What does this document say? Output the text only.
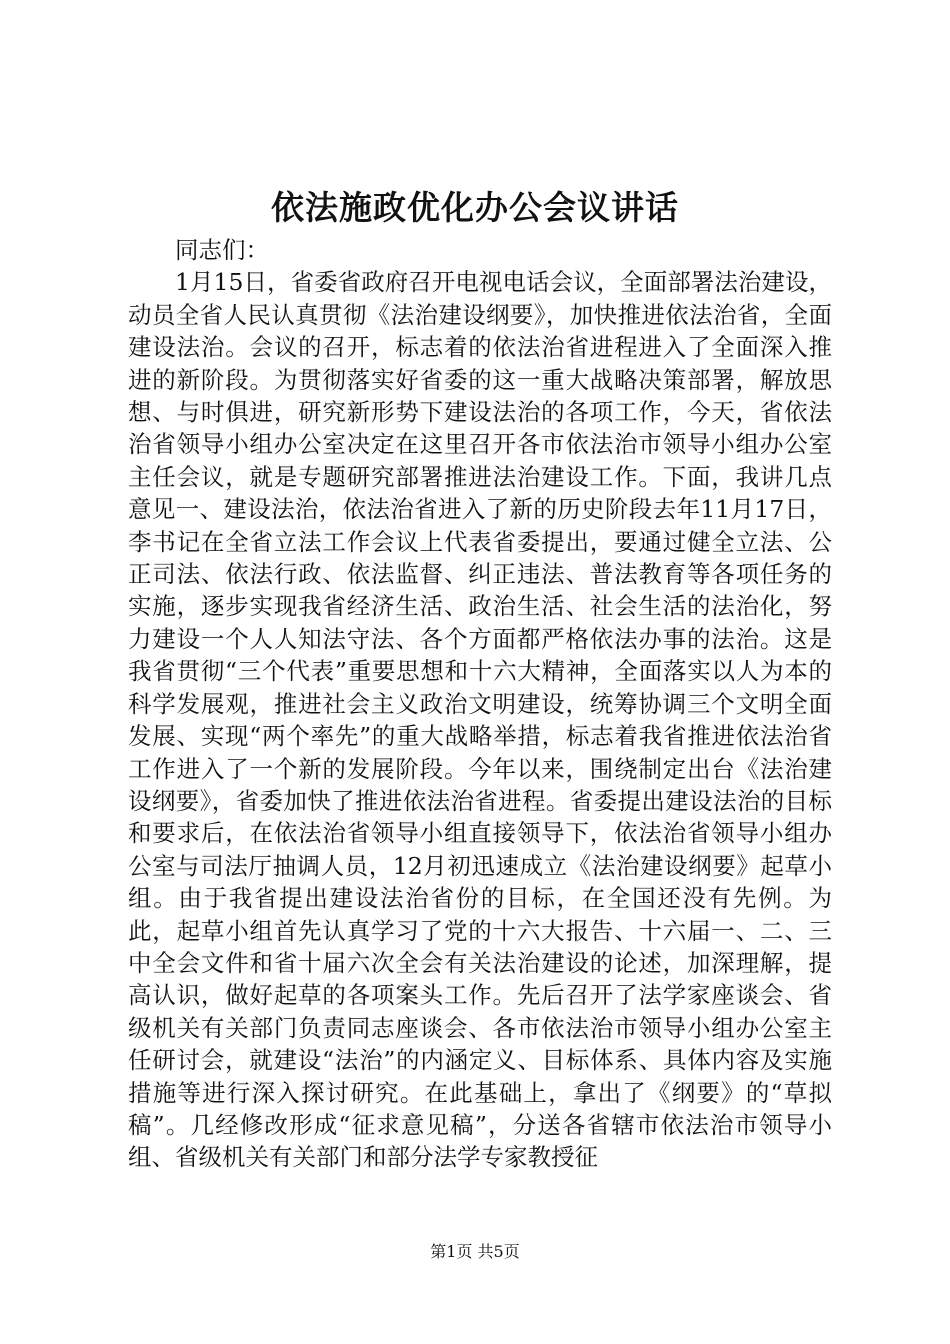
依法施政优化办公会议讲话

同志们：

1月15日，省委省政府召开电视电话会议，全面部署法治建设，动员全省人民认真贯彻《法治建设纲要》，加快推进依法治省，全面建设法治。会议的召开，标志着的依法治省进程进入了全面深入推进的新阶段。为贯彻落实好省委的这一重大战略决策部署，解放思想、与时俱进，研究新形势下建设法治的各项工作，今天，省依法治省领导小组办公室决定在这里召开各市依法治市领导小组办公室主任会议，就是专题研究部署推进法治建设工作。下面，我讲几点意见一、建设法治，依法治省进入了新的历史阶段去年11月17日，李书记在全省立法工作会议上代表省委提出，要通过健全立法、公正司法、依法行政、依法监督、纠正违法、普法教育等各项任务的实施，逐步实现我省经济生活、政治生活、社会生活的法治化，努力建设一个人人知法守法、各个方面都严格依法办事的法治。这是我省贯彻“三个代表”重要思想和十六大精神，全面落实以人为本的科学发展观，推进社会主义政治文明建设，统筹协调三个文明全面发展、实现“两个率先”的重大战略举措，标志着我省推进依法治省工作进入了一个新的发展阶段。今年以来，围绕制定出台《法治建设纲要》，省委加快了推进依法治省进程。省委提出建设法治的目标和要求后，在依法治省领导小组直接领导下，依法治省领导小组办公室与司法厅抽调人员，12月初迅速成立《法治建设纲要》起草小组。由于我省提出建设法治省份的目标，在全国还没有先例。为此，起草小组首先认真学习了党的十六大报告、十六届一、二、三中全会文件和省十届六次全会有关法治建设的论述，加深理解，提高认识，做好起草的各项案头工作。先后召开了法学家座谈会、省级机关有关部门负责同志座谈会、各市依法治市领导小组办公室主任研讨会，就建设“法治”的内涵定义、目标体系、具体内容及实施措施等进行深入探讨研究。在此基础上，拿出了《纲要》的“草拟稿”。几经修改形成“征求意见稿”，分送各省辖市依法治市领导小组、省级机关有关部门和部分法学专家教授征

第1页 共5页
